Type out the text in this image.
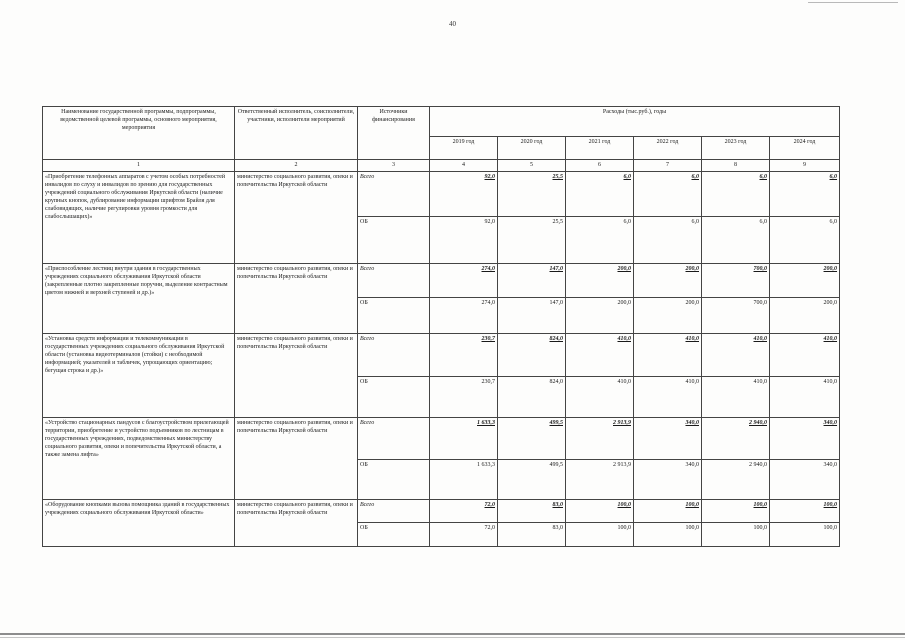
40
Наименование государственной программы, подпрограммы, ведомственной целевой программы, основного мероприятия, мероприятия	Ответственный исполнитель, соисполнители, участники, исполнители мероприятий	Источники финансирования	Расходы (тыс.руб.), годы					
			2019 год	2020 год	2021 год	2022 год	2023 год	2024 год
1	2	3	4	5	6	7	8	9
«Приобретение телефонных аппаратов с учетом особых потребностей инвалидов по слуху и инвалидов по зрению для государственных учреждений социального обслуживания Иркутской области (наличие крупных кнопок, дублирование информации шрифтом Брайля для слабовидящих, наличие регулировки уровня громкости для слабослышащих)»	министерство социального развития, опеки и попечительства Иркутской области	Всего	92,0	25,5	6,0	6,0	6,0	6,0
		ОБ	92,0	25,5	6,0	6,0	6,0	6,0
«Приспособление лестниц внутри здания в государственных учреждениях социального обслуживания Иркутской области (закрепленные плотно закрепленные поручни, выделение контрастным цветом нижней и верхней ступеней и др.)»	министерство социального развития, опеки и попечительства Иркутской области	Всего	274,0	147,0	200,0	200,0	700,0	200,0
		ОБ	274,0	147,0	200,0	200,0	700,0	200,0
«Установка средств информации и телекоммуникации в государственных учреждениях социального обслуживания Иркутской области (установка видеотерминалов (стойки) с необходимой информацией; указателей и табличек, упрощающих ориентацию; бегущая строка и др.)»	министерство социального развития, опеки и попечительства Иркутской области	Всего	230,7	824,0	410,0	410,0	410,0	410,0
		ОБ	230,7	824,0	410,0	410,0	410,0	410,0
«Устройство стационарных пандусов с благоустройством прилегающей территории, приобретение и устройство подъемников по лестницам в государственных учреждениях, подведомственных министерству социального развития, опеки и попечительства Иркутской области, а также замена лифта»	министерство социального развития, опеки и попечительства Иркутской области	Всего	1 633,3	499,5	2 913,9	340,0	2 940,0	340,0
		ОБ	1 633,3	499,5	2 913,9	340,0	2 940,0	340,0
«Оборудование кнопками вызова помощника зданий в государственных учреждениях социального обслуживания Иркутской области»	министерство социального развития, опеки и попечительства Иркутской области	Всего	72,0	83,0	100,0	100,0	100,0	100,0
		ОБ	72,0	83,0	100,0	100,0	100,0	100,0
